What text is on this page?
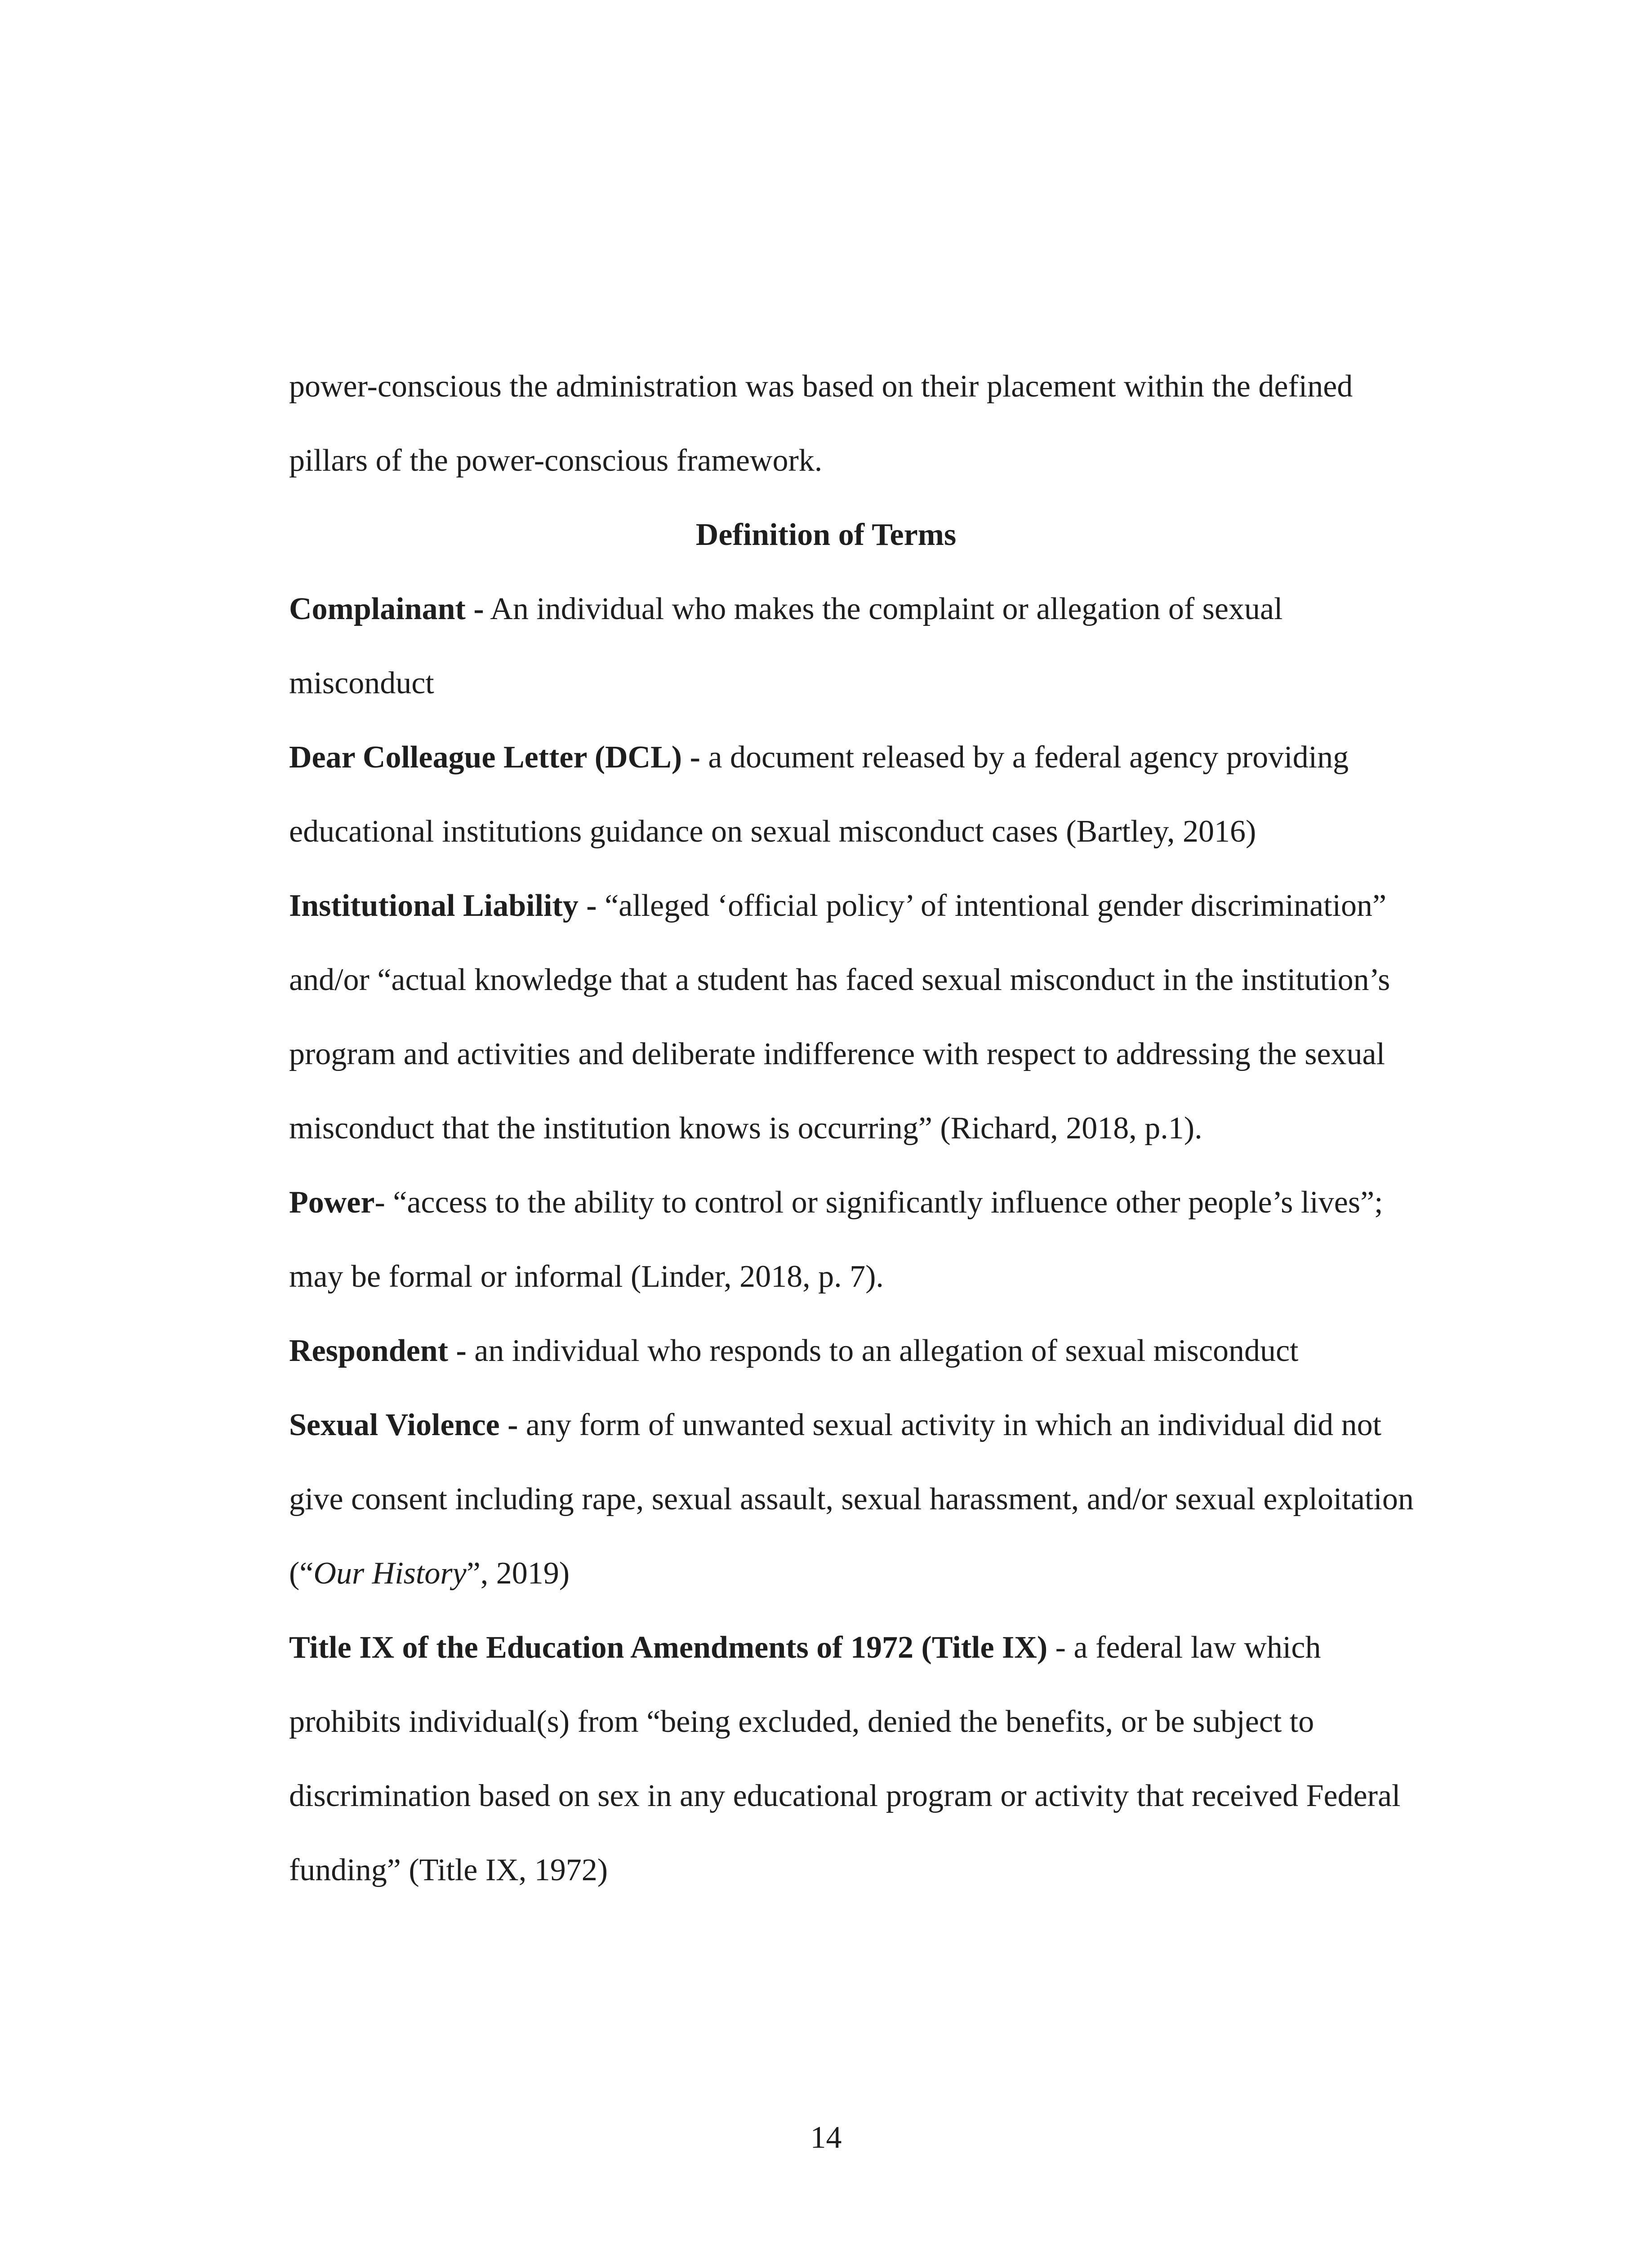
power-conscious the administration was based on their placement within the defined

pillars of the power-conscious framework.

Definition of Terms

Complainant - An individual who makes the complaint or allegation of sexual

misconduct

Dear Colleague Letter (DCL) - a document released by a federal agency providing

educational institutions guidance on sexual misconduct cases (Bartley, 2016)

Institutional Liability - “alleged ‘official policy’ of intentional gender discrimination”

and/or “actual knowledge that a student has faced sexual misconduct in the institution’s

program and activities and deliberate indifference with respect to addressing the sexual

misconduct that the institution knows is occurring” (Richard, 2018, p.1).

Power- “access to the ability to control or significantly influence other people’s lives”;

may be formal or informal (Linder, 2018, p. 7).

Respondent - an individual who responds to an allegation of sexual misconduct

Sexual Violence - any form of unwanted sexual activity in which an individual did not

give consent including rape, sexual assault, sexual harassment, and/or sexual exploitation

(“Our History”, 2019)

Title IX of the Education Amendments of 1972 (Title IX) - a federal law which

prohibits individual(s) from “being excluded, denied the benefits, or be subject to

discrimination based on sex in any educational program or activity that received Federal

funding” (Title IX, 1972)

14
